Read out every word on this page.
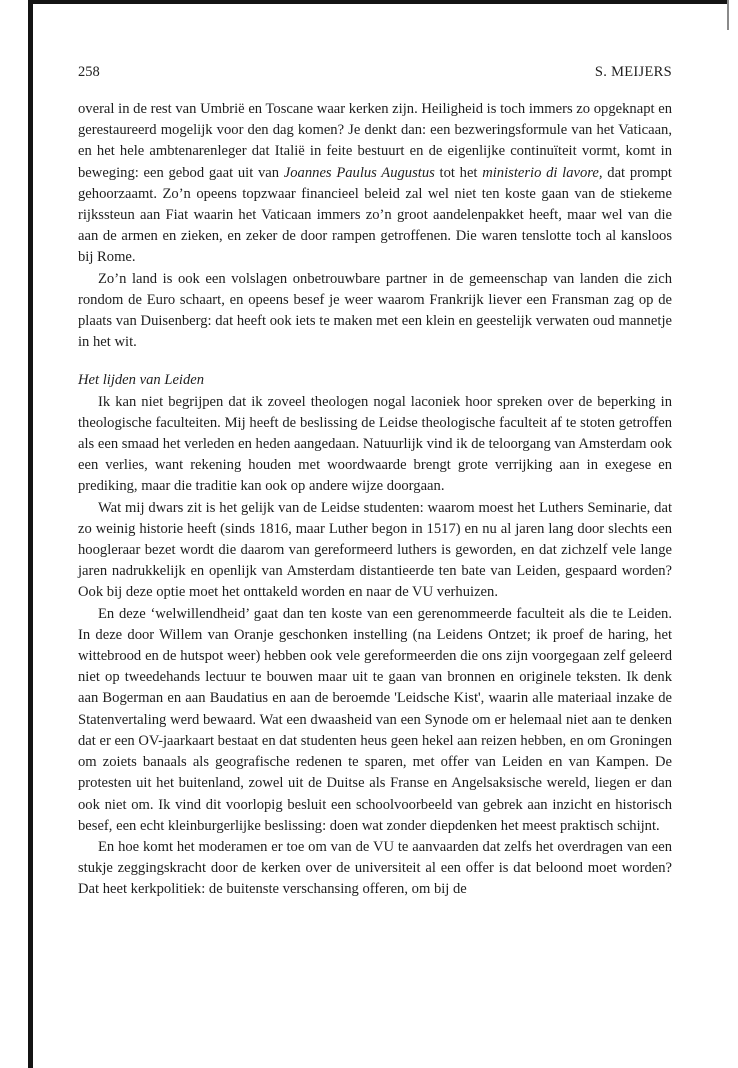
258	S. MEIJERS

overal in de rest van Umbrië en Toscane waar kerken zijn. Heiligheid is toch immers zo opgeknapt en gerestaureerd mogelijk voor den dag komen? Je denkt dan: een bezweringsformule van het Vaticaan, en het hele ambtenarenleger dat Italië in feite bestuurt en de eigenlijke continuïteit vormt, komt in beweging: een gebod gaat uit van Joannes Paulus Augustus tot het ministerio di lavore, dat prompt gehoorzaamt. Zo’n opeens topzwaar financieel beleid zal wel niet ten koste gaan van de stiekeme rijkssteun aan Fiat waarin het Vaticaan immers zo’n groot aandelenpakket heeft, maar wel van die aan de armen en zieken, en zeker de door rampen getroffenen. Die waren tenslotte toch al kansloos bij Rome.

Zo’n land is ook een volslagen onbetrouwbare partner in de gemeenschap van landen die zich rondom de Euro schaart, en opeens besef je weer waarom Frankrijk liever een Fransman zag op de plaats van Duisenberg: dat heeft ook iets te maken met een klein en geestelijk verwaten oud mannetje in het wit.

Het lijden van Leiden

Ik kan niet begrijpen dat ik zoveel theologen nogal laconiek hoor spreken over de beperking in theologische faculteiten. Mij heeft de beslissing de Leidse theologische faculteit af te stoten getroffen als een smaad het verleden en heden aangedaan. Natuurlijk vind ik de teloorgang van Amsterdam ook een verlies, want rekening houden met woordwaarde brengt grote verrijking aan in exegese en prediking, maar die traditie kan ook op andere wijze doorgaan.

Wat mij dwars zit is het gelijk van de Leidse studenten: waarom moest het Luthers Seminarie, dat zo weinig historie heeft (sinds 1816, maar Luther begon in 1517) en nu al jaren lang door slechts een hoogleraar bezet wordt die daarom van gereformeerd luthers is geworden, en dat zichzelf vele lange jaren nadrukkelijk en openlijk van Amsterdam distantieerde ten bate van Leiden, gespaard worden? Ook bij deze optie moet het onttakeld worden en naar de VU verhuizen.

En deze ‘welwillendheid’ gaat dan ten koste van een gerenommeerde faculteit als die te Leiden. In deze door Willem van Oranje geschonken instelling (na Leidens Ontzet; ik proef de haring, het wittebrood en de hutspot weer) hebben ook vele gereformeerden die ons zijn voorgegaan zelf geleerd niet op tweedehands lectuur te bouwen maar uit te gaan van bronnen en originele teksten. Ik denk aan Bogerman en aan Baudatius en aan de beroemde 'Leidsche Kist', waarin alle materiaal inzake de Statenvertaling werd bewaard. Wat een dwaasheid van een Synode om er helemaal niet aan te denken dat er een OV-jaarkaart bestaat en dat studenten heus geen hekel aan reizen hebben, en om Groningen om zoiets banaals als geografische redenen te sparen, met offer van Leiden en van Kampen. De protesten uit het buitenland, zowel uit de Duitse als Franse en Angelsaksische wereld, liegen er dan ook niet om. Ik vind dit voorlopig besluit een schoolvoorbeeld van gebrek aan inzicht en historisch besef, een echt kleinburgerlijke beslissing: doen wat zonder diepdenken het meest praktisch schijnt.

En hoe komt het moderamen er toe om van de VU te aanvaarden dat zelfs het overdragen van een stukje zeggingskracht door de kerken over de universiteit al een offer is dat beloond moet worden? Dat heet kerkpolitiek: de buitenste verschansing offeren, om bij de
